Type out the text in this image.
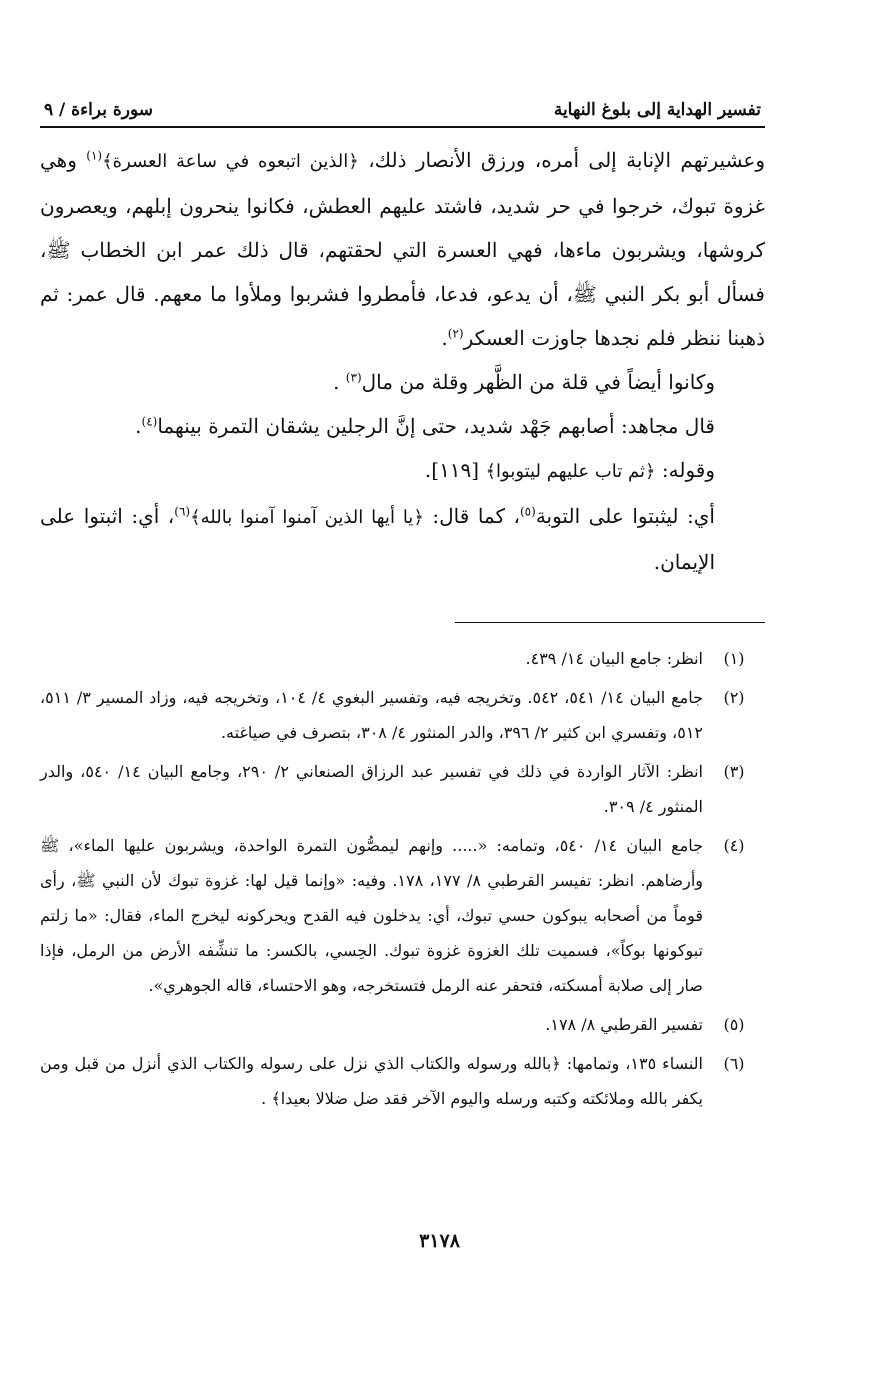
تفسير الهداية إلى بلوغ النهاية
سورة براءة / ٩

وعشيرتهم الإنابة إلى أمره، ورزق الأنصار ذلك، ﴿الذين اتبعوه في ساعة العسرة﴾$^{(١)}$ وهي غزوة تبوك، خرجوا في حر شديد، فاشتد عليهم العطش، فكانوا ينحرون إبلهم، ويعصرون كروشها، ويشربون ماءها، فهي العسرة التي لحقتهم، قال ذلك عمر ابن الخطاب ﷺ، فسأل أبو بكر النبي ﷺ، أن يدعو، فدعا، فأمطروا فشربوا وملأوا ما معهم. قال عمر: ثم ذهبنا ننظر فلم نجدها جاوزت العسكر$^{(٢)}$.

وكانوا أيضاً في قلة من الظَّهر وقلة من مال$^{(٣)}$ .

قال مجاهد: أصابهم جَهْد شديد، حتى إنَّ الرجلين يشقان التمرة بينهما$^{(٤)}$.

وقوله: ﴿ثم تاب عليهم ليتوبوا﴾ [١١٩].

أي: ليثبتوا على التوبة$^{(٥)}$، كما قال: ﴿يا أيها الذين آمنوا آمنوا بالله﴾$^{(٦)}$، أي: اثبتوا على الإيمان.

(١)
انظر: جامع البيان ١٤/ ٤٣٩.
(٢)
جامع البيان ١٤/ ٥٤١، ٥٤٢. وتخريجه فيه، وتفسير البغوي ٤/ ١٠٤، وتخريجه فيه، وزاد المسير ٣/ ٥١١، ٥١٢، وتفسري ابن كثير ٢/ ٣٩٦، والدر المنثور ٤/ ٣٠٨، بتصرف في صياغته.
(٣)
انظر: الآثار الواردة في ذلك في تفسير عبد الرزاق الصنعاني ٢/ ٢٩٠، وجامع البيان ١٤/ ٥٤٠، والدر المنثور ٤/ ٣٠٩.
(٤)
جامع البيان ١٤/ ٥٤٠، وتمامه: «..... وإنهم ليمصُّون التمرة الواحدة، ويشربون عليها الماء»، ﷺ وأرضاهم. انظر: تفيسر القرطبي ٨/ ١٧٧، ١٧٨. وفيه: «وإنما قيل لها: غزوة تبوك لأن النبي ﷺ، رأى قوماً من أصحابه يبوكون حسي تبوك، أي: يدخلون فيه القدح ويحركونه ليخرج الماء، فقال: «ما زلتم تبوكونها بوكاً»، فسميت تلك الغزوة غزوة تبوك. الحِسي، بالكسر: ما تنشِّفه الأرض من الرمل، فإذا صار إلى صلابة أمسكته، فتحفر عنه الرمل فتستخرجه، وهو الاحتساء، قاله الجوهري».
(٥)
تفسير القرطبي ٨/ ١٧٨.
(٦)
النساء ١٣٥، وتمامها: ﴿بالله ورسوله والكتاب الذي نزل على رسوله والكتاب الذي أنزل من قبل ومن يكفر بالله وملائكته وكتبه ورسله واليوم الآخر فقد ضل ضلالا بعيدا﴾ .
٣١٧٨
